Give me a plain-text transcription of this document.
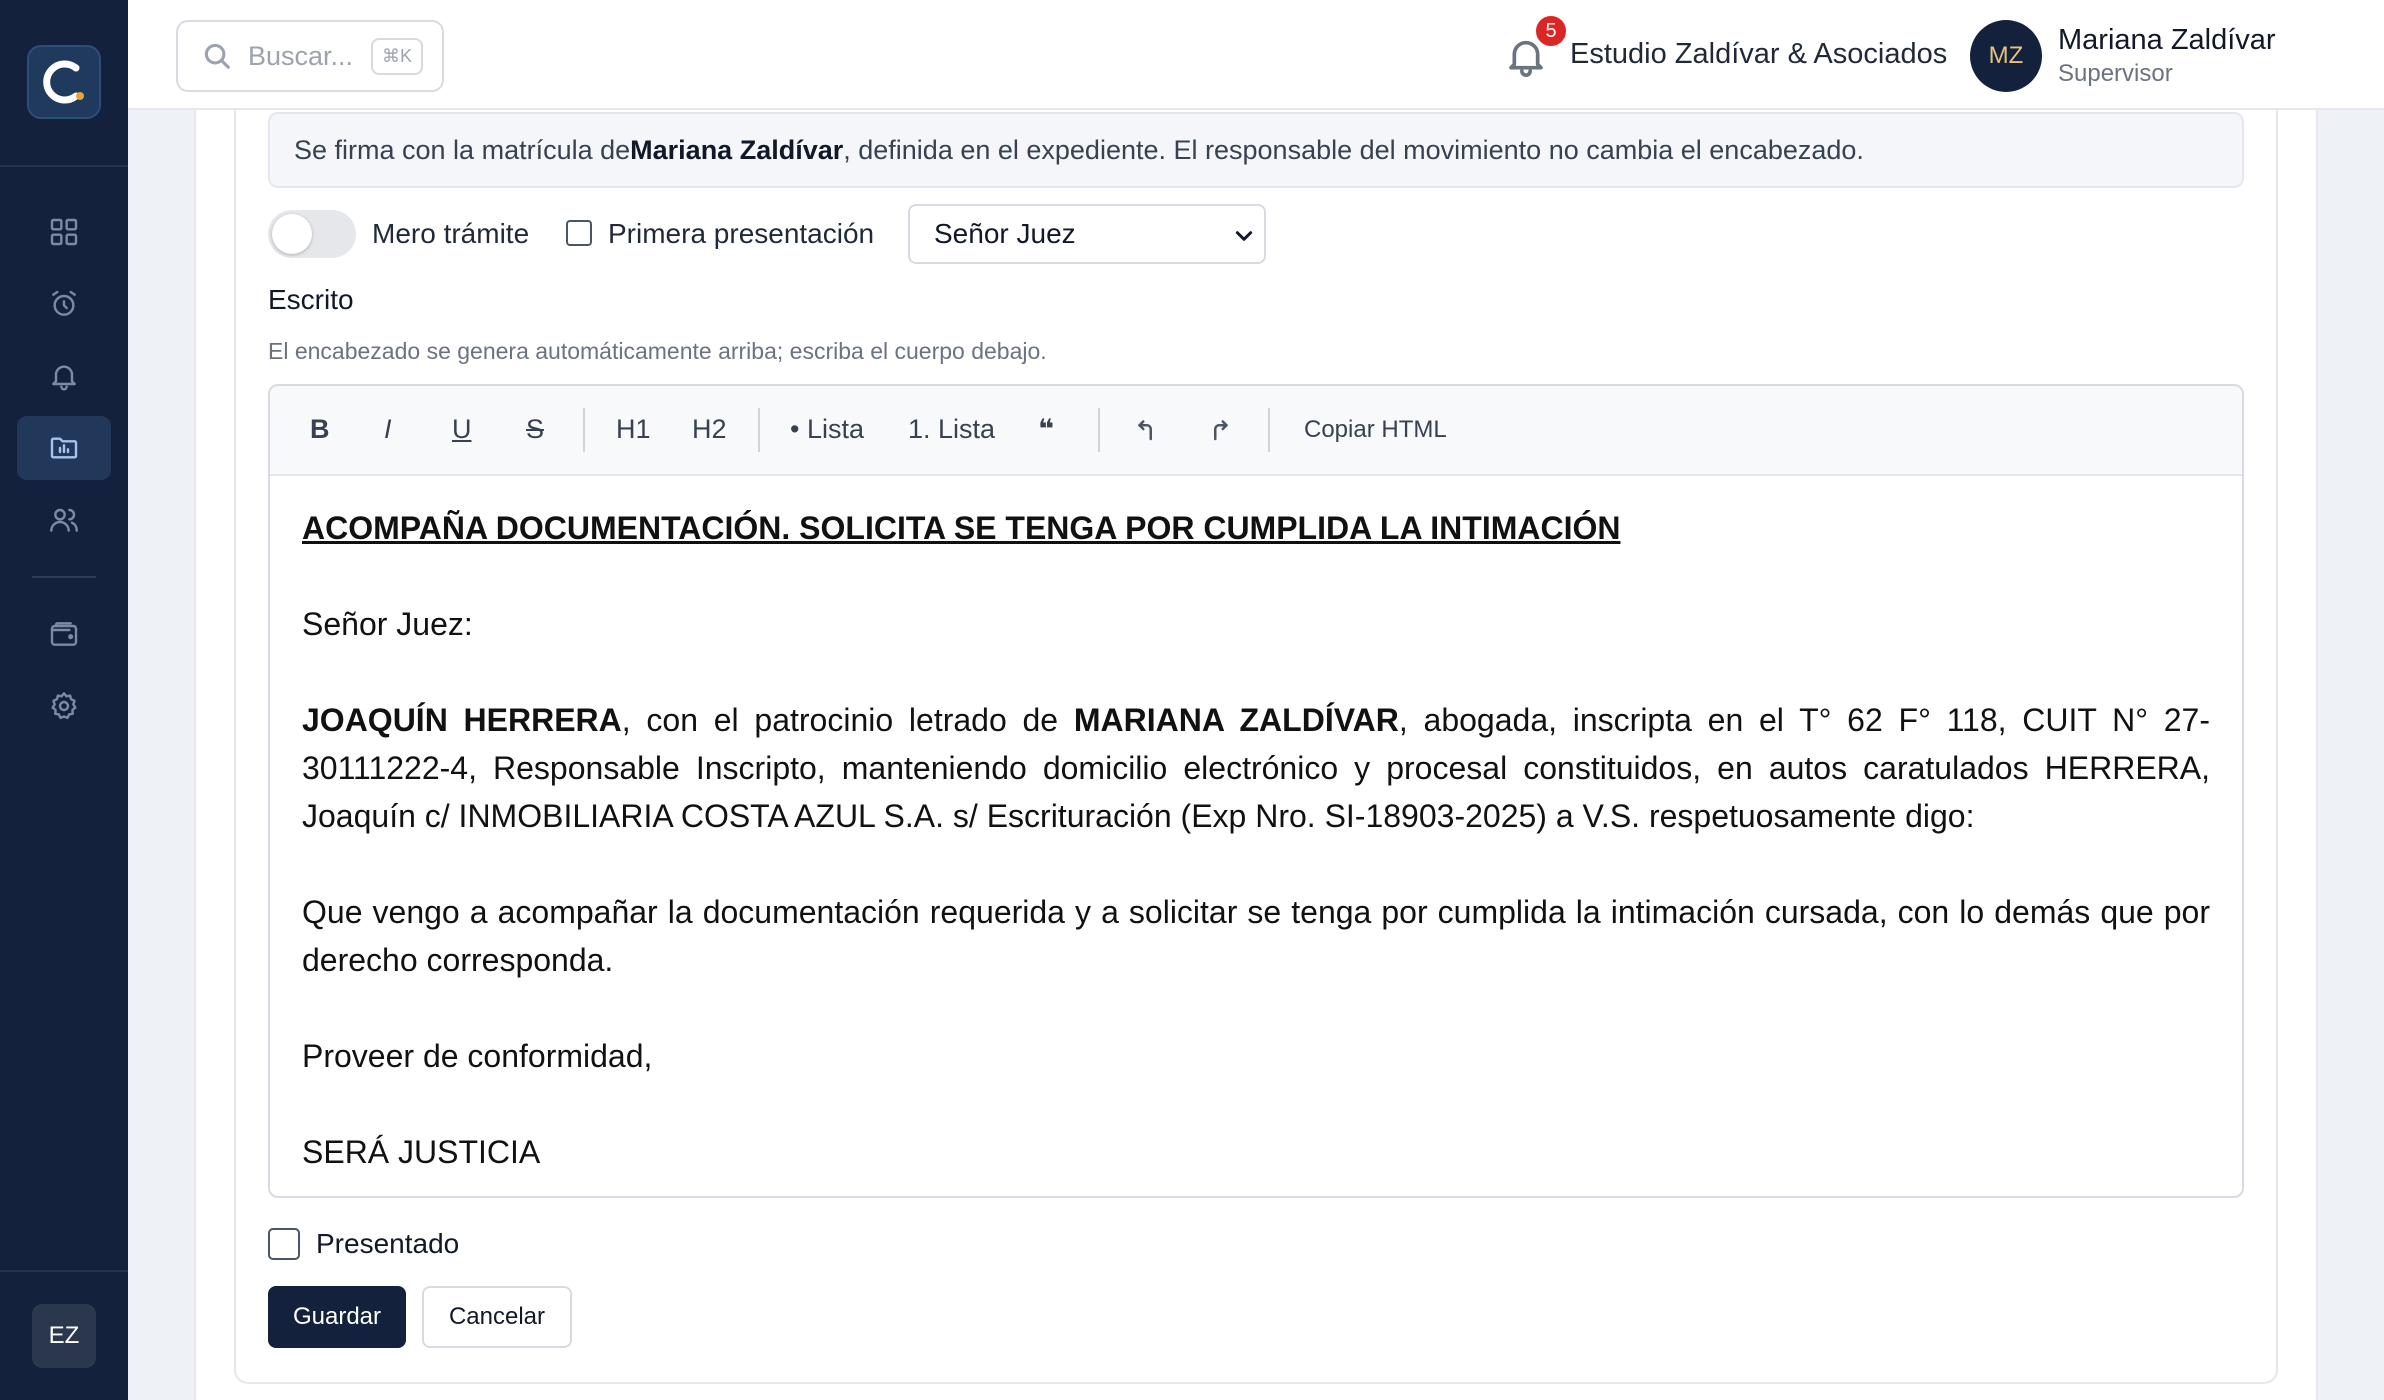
EZ
Buscar...	⌘K
5
Estudio Zaldívar & Asociados	MZ	Mariana Zaldívar
Supervisor
Se firma con la matrícula de Mariana Zaldívar , definida en el expediente. El responsable del movimiento no cambia el encabezado.
Mero trámite	Primera presentación Señor Juez
Escrito
El encabezado se genera automáticamente arriba; escriba el cuerpo debajo.
B I U S	H1 H2 • Lista 1. Lista ❝	Copiar HTML

ACOMPAÑA DOCUMENTACIÓN. SOLICITA SE TENGA POR CUMPLIDA LA INTIMACIÓN

Señor Juez:

JOAQUÍN HERRERA, con el patrocinio letrado de MARIANA ZALDÍVAR, abogada, inscripta en el T° 62 F° 118, CUIT N° 27-30111222-4, Responsable Inscripto, manteniendo domicilio electrónico y procesal constituidos, en autos caratulados HERRERA, Joaquín c/ INMOBILIARIA COSTA AZUL S.A. s/ Escrituración (Exp Nro. SI-18903-2025) a V.S. respetuosamente digo:

Que vengo a acompañar la documentación requerida y a solicitar se tenga por cumplida la intimación cursada, con lo demás que por derecho corresponda.

Proveer de conformidad,

SERÁ JUSTICIA

Presentado
Guardar	Cancelar
